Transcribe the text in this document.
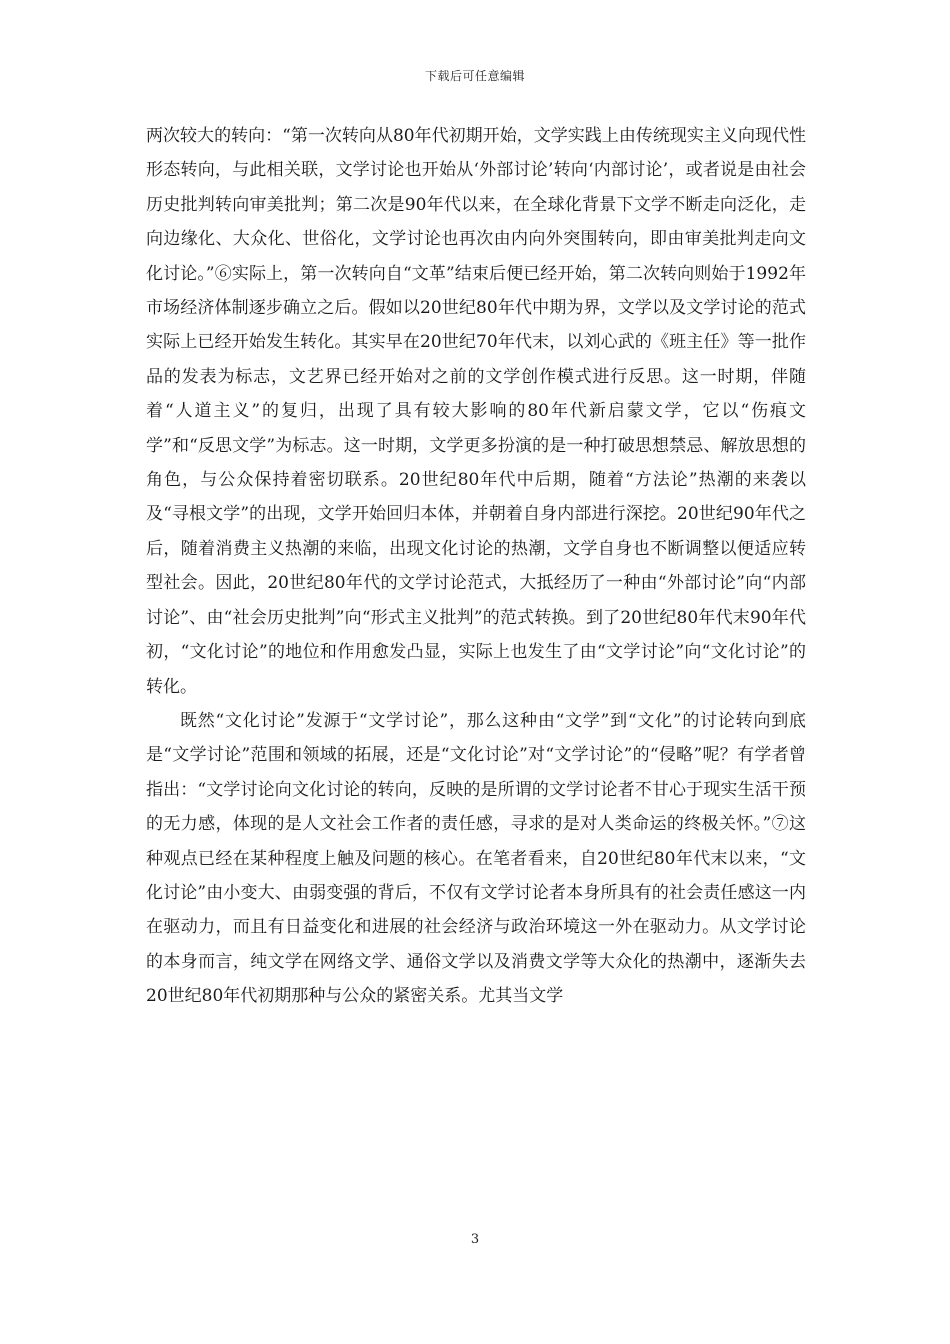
下载后可任意编辑

两次较大的转向：“第一次转向从80年代初期开始，文学实践上由传统现实主义向现代性形态转向，与此相关联，文学讨论也开始从‘外部讨论’转向‘内部讨论’，或者说是由社会历史批判转向审美批判；第二次是90年代以来，在全球化背景下文学不断走向泛化，走向边缘化、大众化、世俗化，文学讨论也再次由内向外突围转向，即由审美批判走向文化讨论。”⑥实际上，第一次转向自“文革”结束后便已经开始，第二次转向则始于1992年市场经济体制逐步确立之后。假如以20世纪80年代中期为界，文学以及文学讨论的范式实际上已经开始发生转化。其实早在20世纪70年代末，以刘心武的《班主任》等一批作品的发表为标志，文艺界已经开始对之前的文学创作模式进行反思。这一时期，伴随着“人道主义”的复归，出现了具有较大影响的80年代新启蒙文学，它以“伤痕文学”和“反思文学”为标志。这一时期，文学更多扮演的是一种打破思想禁忌、解放思想的角色，与公众保持着密切联系。20世纪80年代中后期，随着“方法论”热潮的来袭以及“寻根文学”的出现，文学开始回归本体，并朝着自身内部进行深挖。20世纪90年代之后，随着消费主义热潮的来临，出现文化讨论的热潮，文学自身也不断调整以便适应转型社会。因此，20世纪80年代的文学讨论范式，大抵经历了一种由“外部讨论”向“内部讨论”、由“社会历史批判”向“形式主义批判”的范式转换。到了20世纪80年代末90年代初，“文化讨论”的地位和作用愈发凸显，实际上也发生了由“文学讨论”向“文化讨论”的转化。

既然“文化讨论”发源于“文学讨论”，那么这种由“文学”到“文化”的讨论转向到底是“文学讨论”范围和领域的拓展，还是“文化讨论”对“文学讨论”的“侵略”呢？有学者曾指出：“文学讨论向文化讨论的转向，反映的是所谓的文学讨论者不甘心于现实生活干预的无力感，体现的是人文社会工作者的责任感，寻求的是对人类命运的终极关怀。”⑦这种观点已经在某种程度上触及问题的核心。在笔者看来，自20世纪80年代末以来，“文化讨论”由小变大、由弱变强的背后，不仅有文学讨论者本身所具有的社会责任感这一内在驱动力，而且有日益变化和进展的社会经济与政治环境这一外在驱动力。从文学讨论的本身而言，纯文学在网络文学、通俗文学以及消费文学等大众化的热潮中，逐渐失去20世纪80年代初期那种与公众的紧密关系。尤其当文学

3
